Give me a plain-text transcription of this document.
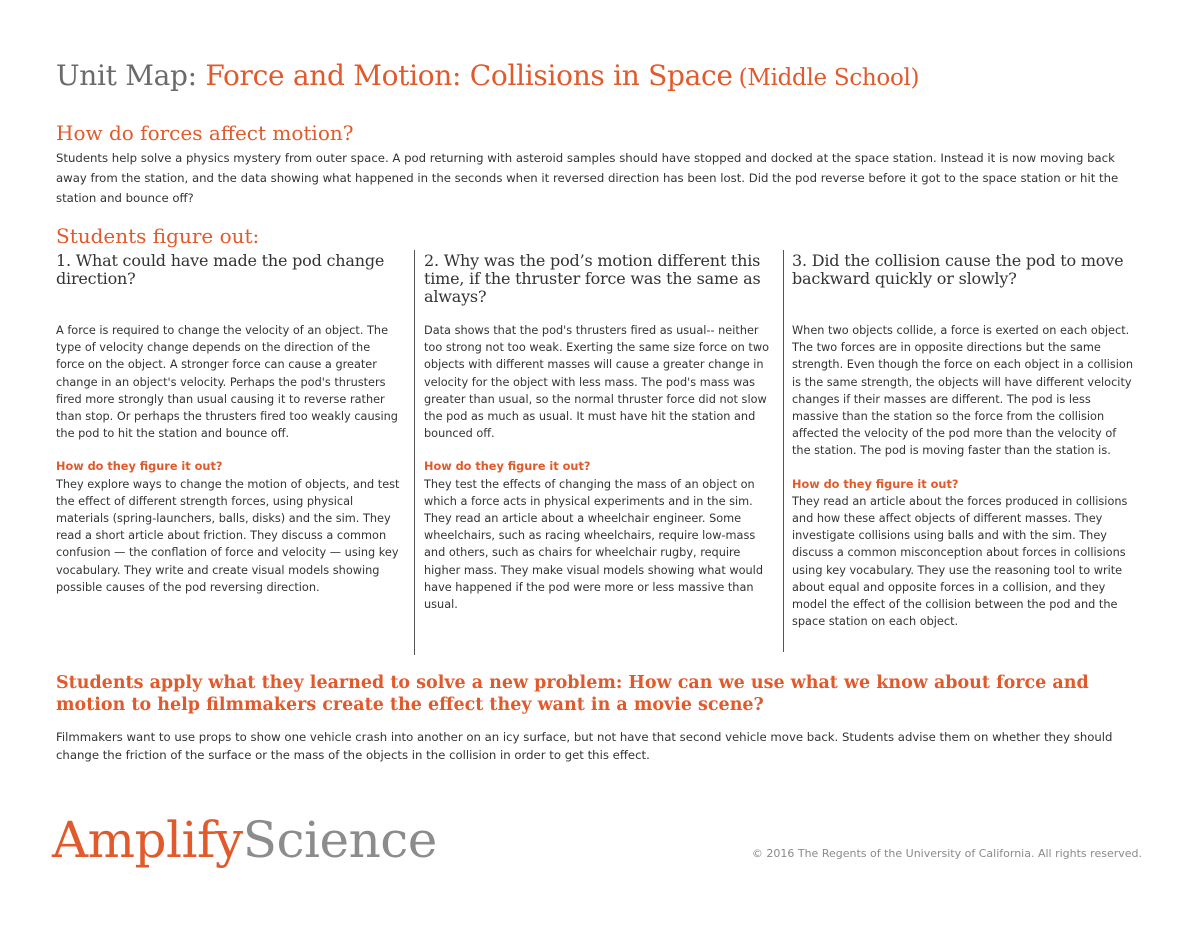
Unit Map: Force and Motion: Collisions in Space (Middle School)
How do forces affect motion?
Students help solve a physics mystery from outer space. A pod returning with asteroid samples should have stopped and docked at the space station. Instead it is now moving back away from the station, and the data showing what happened in the seconds when it reversed direction has been lost. Did the pod reverse before it got to the space station or hit the station and bounce off?
Students figure out:

1. What could have made the pod change direction?

A force is required to change the velocity of an object. The type of velocity change depends on the direction of the force on the object. A stronger force can cause a greater change in an object's velocity. Perhaps the pod's thrusters fired more strongly than usual causing it to reverse rather than stop. Or perhaps the thrusters fired too weakly causing the pod to hit the station and bounce off.

How do they figure it out?

They explore ways to change the motion of objects, and test the effect of different strength forces, using physical materials (spring-launchers, balls, disks) and the sim. They read a short article about friction. They discuss a common confusion — the conflation of force and velocity — using key vocabulary. They write and create visual models showing possible causes of the pod reversing direction.

2. Why was the pod’s motion different this time, if the thruster force was the same as always?

Data shows that the pod's thrusters fired as usual-- neither too strong not too weak. Exerting the same size force on two objects with different masses will cause a greater change in velocity for the object with less mass. The pod's mass was greater than usual, so the normal thruster force did not slow the pod as much as usual. It must have hit the station and bounced off.

How do they figure it out?

They test the effects of changing the mass of an object on which a force acts in physical experiments and in the sim. They read an article about a wheelchair engineer. Some wheelchairs, such as racing wheelchairs, require low-mass and others, such as chairs for wheelchair rugby, require higher mass. They make visual models showing what would have happened if the pod were more or less massive than usual.

3. Did the collision cause the pod to move backward quickly or slowly?

When two objects collide, a force is exerted on each object. The two forces are in opposite directions but the same strength. Even though the force on each object in a collision is the same strength, the objects will have different velocity changes if their masses are different. The pod is less massive than the station so the force from the collision affected the velocity of the pod more than the velocity of the station. The pod is moving faster than the station is.

How do they figure it out?

They read an article about the forces produced in collisions and how these affect objects of different masses. They investigate collisions using balls and with the sim. They discuss a common misconception about forces in collisions using key vocabulary. They use the reasoning tool to write about equal and opposite forces in a collision, and they model the effect of the collision between the pod and the space station on each object.

Students apply what they learned to solve a new problem: How can we use what we know about force and motion to help filmmakers create the effect they want in a movie scene?
Filmmakers want to use props to show one vehicle crash into another on an icy surface, but not have that second vehicle move back. Students advise them on whether they should change the friction of the surface or the mass of the objects in the collision in order to get this effect.
AmplifyScience	© 2016 The Regents of the University of California. All rights reserved.
